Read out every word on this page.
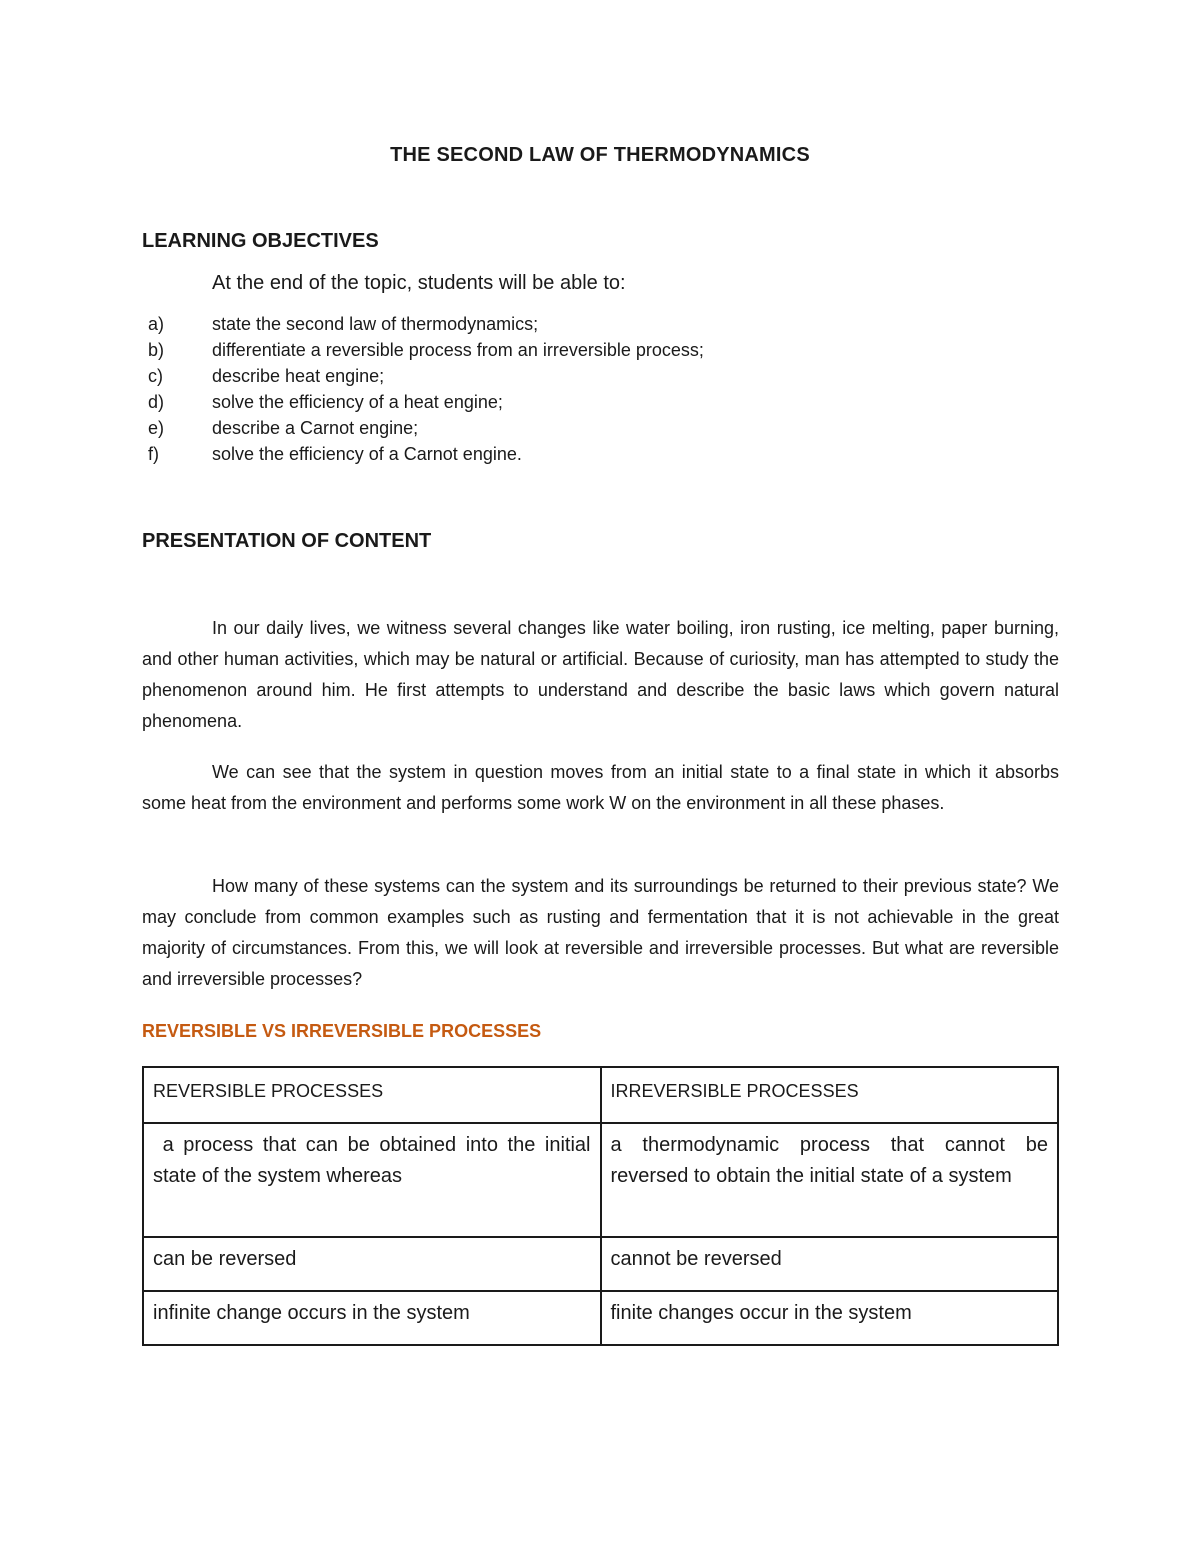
THE SECOND LAW OF THERMODYNAMICS
LEARNING OBJECTIVES
At the end of the topic, students will be able to:
a)	state the second law of thermodynamics;
b)	differentiate a reversible process from an irreversible process;
c)	describe heat engine;
d)	solve the efficiency of a heat engine;
e)	describe a Carnot engine;
f)	solve the efficiency of a Carnot engine.
PRESENTATION OF CONTENT

In our daily lives, we witness several changes like water boiling, iron rusting, ice melting, paper burning, and other human activities, which may be natural or artificial. Because of curiosity, man has attempted to study the phenomenon around him. He first attempts to understand and describe the basic laws which govern natural phenomena.

We can see that the system in question moves from an initial state to a final state in which it absorbs some heat from the environment and performs some work W on the environment in all these phases.

How many of these systems can the system and its surroundings be returned to their previous state? We may conclude from common examples such as rusting and fermentation that it is not achievable in the great majority of circumstances. From this, we will look at reversible and irreversible processes. But what are reversible and irreversible processes?

REVERSIBLE VS IRREVERSIBLE PROCESSES
REVERSIBLE PROCESSES	IRREVERSIBLE PROCESSES
a process that can be obtained into the initial state of the system whereas	a thermodynamic process that cannot be reversed to obtain the initial state of a system
can be reversed	cannot be reversed
infinite change occurs in the system	finite changes occur in the system
